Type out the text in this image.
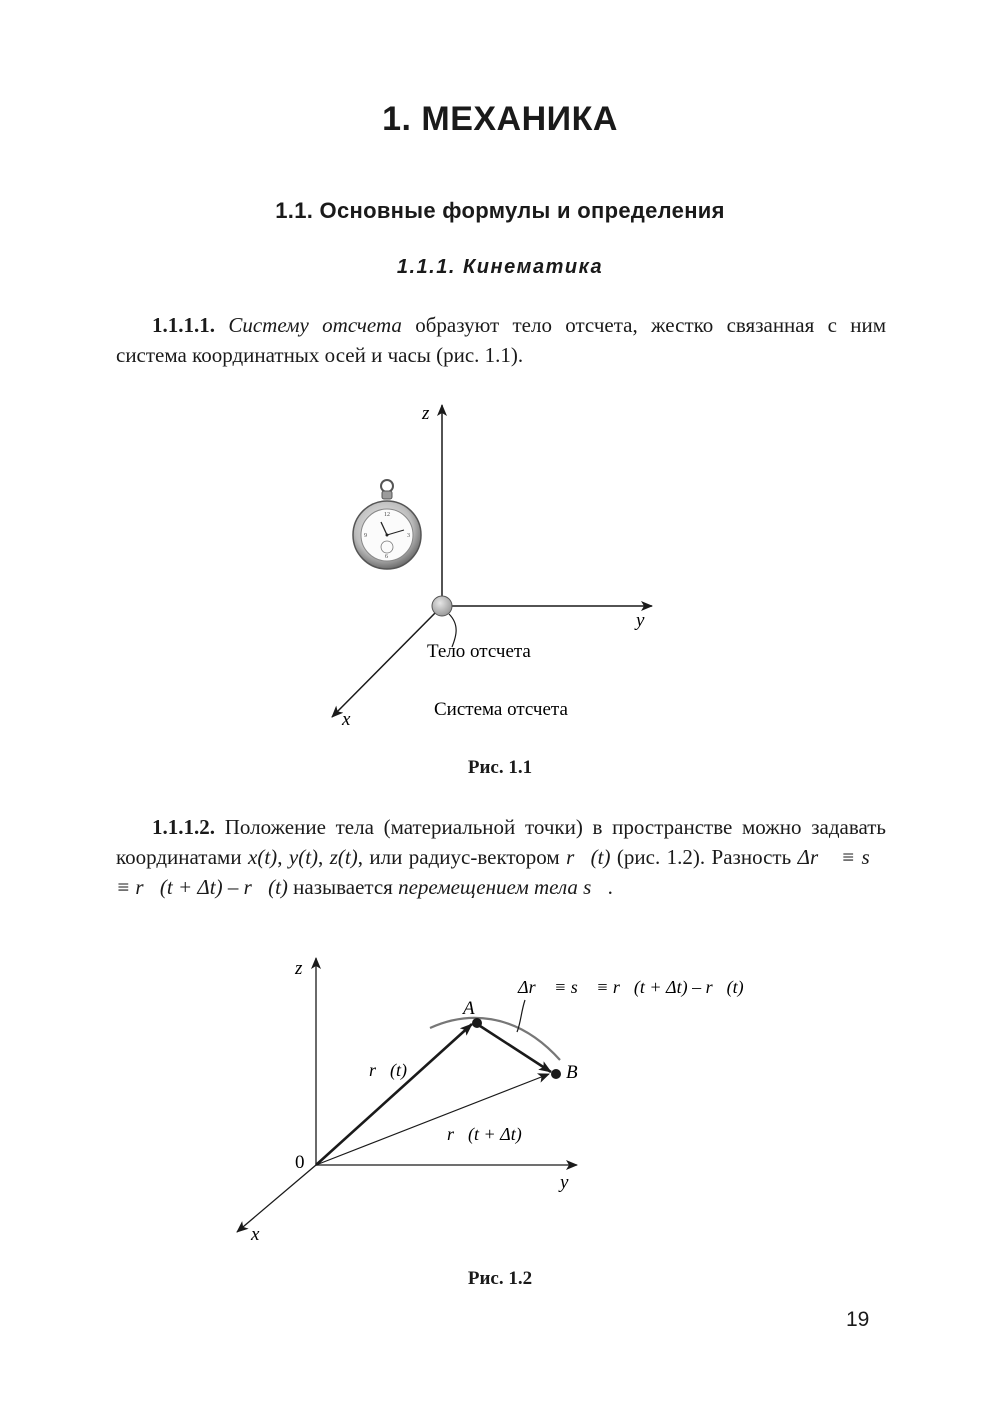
1. МЕХАНИКА
1.1. Основные формулы и определения
1.1.1. Кинематика
1.1.1.1. Систему отсчета образуют тело отсчета, жестко связанная с ним система координатных осей и часы (рис. 1.1).
z
y
x
Тело отсчета
Система отсчета
12
3
6
9
Рис. 1.1
1.1.1.2. Положение тела (материальной точки) в пространстве можно задавать координатами x(t), y(t), z(t), или радиус-вектором r⃗(t) (рис. 1.2). Разность Δr⃗ ≡ s⃗ ≡ r⃗(t + Δt) – r⃗(t) называется перемещением тела s⃗.
z
y
x
0
A
B
r⃗(t)
r⃗(t + Δt)
Δr⃗ ≡ s⃗ ≡ r⃗(t + Δt) – r⃗(t)
Рис. 1.2
19
